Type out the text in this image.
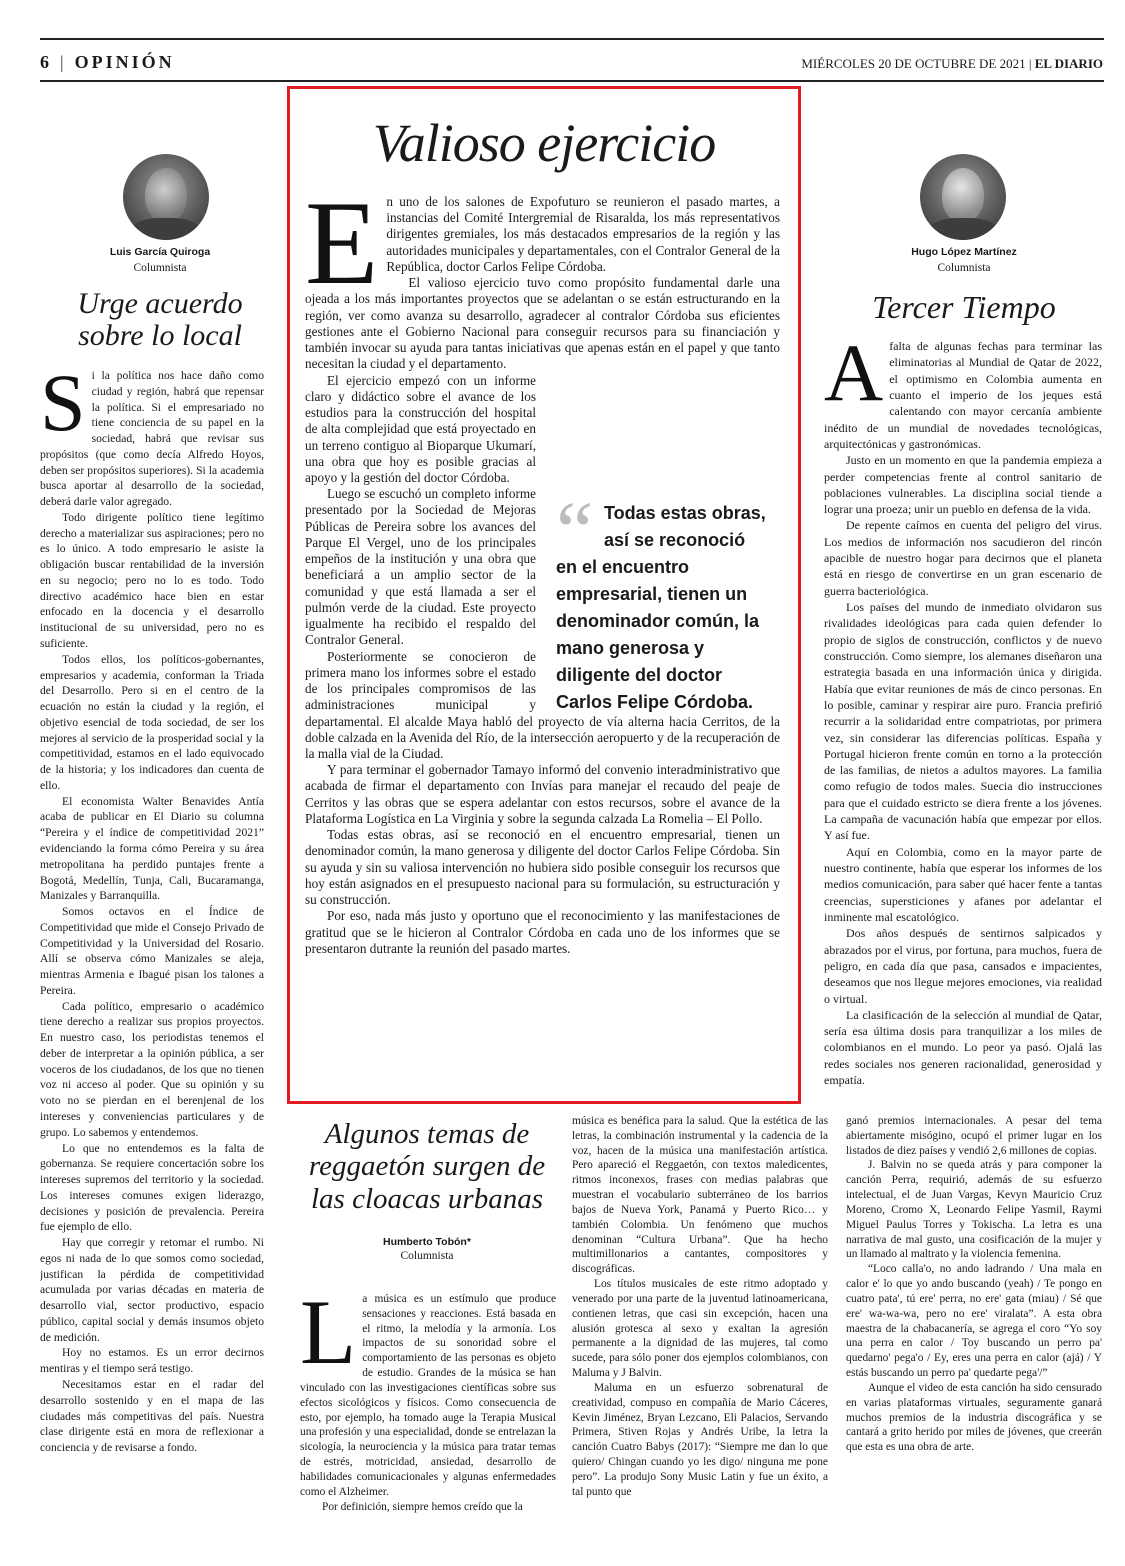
6 | OPINIÓN	MIÉRCOLES 20 DE OCTUBRE DE 2021 | EL DIARIO
Luis García Quiroga
Columnista
Urge acuerdo
sobre lo local

Si la política nos hace daño como ciudad y región, habrá que repensar la política. Si el empresariado no tiene conciencia de su papel en la sociedad, habrá que revisar sus propósitos (que como decía Alfredo Hoyos, deben ser propósitos superiores). Si la academia busca aportar al desarrollo de la sociedad, deberá darle valor agregado.

Todo dirigente político tiene legítimo derecho a materializar sus aspiraciones; pero no es lo único. A todo empresario le asiste la obligación buscar rentabilidad de la inversión en su negocio; pero no lo es todo. Todo directivo académico hace bien en estar enfocado en la docencia y el desarrollo institucional de su universidad, pero no es suficiente.

Todos ellos, los políticos-gobernantes, empresarios y academia, conforman la Triada del Desarrollo. Pero si en el centro de la ecuación no están la ciudad y la región, el objetivo esencial de toda sociedad, de ser los mejores al servicio de la prosperidad social y la competitividad, estamos en el lado equivocado de la historia; y los indicadores dan cuenta de ello.

El economista Walter Benavides Antía acaba de publicar en El Diario su columna “Pereira y el índice de competitividad 2021” evidenciando la forma cómo Pereira y su área metropolitana ha perdido puntajes frente a Bogotá, Medellín, Tunja, Cali, Bucaramanga, Manizales y Barranquilla.

Somos octavos en el Índice de Competitividad que mide el Consejo Privado de Competitividad y la Universidad del Rosario. Allí se observa cómo Manizales se aleja, mientras Armenia e Ibagué pisan los talones a Pereira.

Cada político, empresario o académico tiene derecho a realizar sus propios proyectos. En nuestro caso, los periodistas tenemos el deber de interpretar a la opinión pública, a ser voceros de los ciudadanos, de los que no tienen voz ni acceso al poder. Que su opinión y su voto no se pierdan en el berenjenal de los intereses y conveniencias particulares y de grupo. Lo sabemos y entendemos.

Lo que no entendemos es la falta de gobernanza. Se requiere concertación sobre los intereses supremos del territorio y la sociedad. Los intereses comunes exigen liderazgo, decisiones y posición de prevalencia. Pereira fue ejemplo de ello.

Hay que corregir y retomar el rumbo. Ni egos ni nada de lo que somos como sociedad, justifican la pérdida de competitividad acumulada por varias décadas en materia de desarrollo vial, sector productivo, espacio público, capital social y demás insumos objeto de medición.

Hoy no estamos. Es un error decirnos mentiras y el tiempo será testigo.

Necesitamos estar en el radar del desarrollo sostenido y en el mapa de las ciudades más competitivas del país. Nuestra clase dirigente está en mora de reflexionar a conciencia y de revisarse a fondo.

Valioso ejercicio

En uno de los salones de Expofuturo se reunieron el pasado martes, a instancias del Comité Intergremial de Risaralda, los más representativos dirigentes gremiales, los más destacados empresarios de la región y las autoridades municipales y departamentales, con el Contralor General de la República, doctor Carlos Felipe Córdoba.

El valioso ejercicio tuvo como propósito fundamental darle una ojeada a los más importantes proyectos que se adelantan o se están estructurando en la región, ver como avanza su desarrollo, agradecer al contralor Córdoba sus eficientes gestiones ante el Gobierno Nacional para conseguir recursos para su financiación y también invocar su ayuda para tantas iniciativas que apenas están en el papel y que tanto necesitan la ciudad y el departamento.

El ejercicio empezó con un informe claro y didáctico sobre el avance de los estudios para la construcción del hospital de alta complejidad que está proyectado en un terreno contiguo al Bioparque Ukumarí, una obra que hoy es posible gracias al apoyo y la gestión del doctor Córdoba.

Luego se escuchó un completo informe presentado por la Sociedad de Mejoras Públicas de Pereira sobre los avances del Parque El Vergel, uno de los principales empeños de la institución y una obra que beneficiará a un amplio sector de la comunidad y que está llamada a ser el pulmón verde de la ciudad. Este proyecto igualmente ha recibido el respaldo del Contralor General.

Posteriormente se conocieron de primera mano los informes sobre el estado de los principales compromisos de las administraciones municipal y departamental. El alcalde Maya habló del proyecto de vía alterna hacia Cerritos, de la doble calzada en la Avenida del Río, de la intersección aeropuerto y de la recuperación de la malla vial de la Ciudad.

Y para terminar el gobernador Tamayo informó del convenio interadministrativo que acabada de firmar el departamento con Invías para manejar el recaudo del peaje de Cerritos y las obras que se espera adelantar con estos recursos, sobre el avance de la Plataforma Logística en La Virginia y sobre la segunda calzada La Romelia – El Pollo.

Todas estas obras, así se reconoció en el encuentro empresarial, tienen un denominador común, la mano generosa y diligente del doctor Carlos Felipe Córdoba. Sin su ayuda y sin su valiosa intervención no hubiera sido posible conseguir los recursos que hoy están asignados en el presupuesto nacional para su formulación, su estructuración y su construcción.

Por eso, nada más justo y oportuno que el reconocimiento y las manifestaciones de gratitud que se le hicieron al Contralor Córdoba en cada uno de los informes que se presentaron dutrante la reunión del pasado martes.

“ Todas estas obras,
así se reconoció
en el encuentro empresarial, tienen un denominador común, la mano generosa y diligente del doctor Carlos Felipe Córdoba.
Hugo López Martínez
Columnista
Tercer Tiempo

Afalta de algunas fechas para terminar las eliminatorias al Mundial de Qatar de 2022, el optimismo en Colombia aumenta en cuanto el imperio de los jeques está calentando con mayor cercanía ambiente inédito de un mundial de novedades tecnológicas, arquitectónicas y gastronómicas.

Justo en un momento en que la pandemia empieza a perder competencias frente al control sanitario de poblaciones vulnerables. La disciplina social tiende a lograr una proeza; unir un pueblo en defensa de la vida.

De repente caímos en cuenta del peligro del virus. Los medios de información nos sacudieron del rincón apacible de nuestro hogar para decirnos que el planeta está en riesgo de convertirse en un gran escenario de guerra bacteriológica.

Los países del mundo de inmediato olvidaron sus rivalidades ideológicas para cada quien defender lo propio de siglos de construcción, conflictos y de nuevo construcción. Como siempre, los alemanes diseñaron una estrategia basada en una información única y dirigida. Había que evitar reuniones de más de cinco personas. En lo posible, caminar y respirar aire puro. Francia prefirió recurrir a la solidaridad entre compatriotas, por primera vez, sin considerar las diferencias políticas. España y Portugal hicieron frente común en torno a la protección de las familias, de nietos a adultos mayores. La familia como refugio de todos males. Suecia dio instrucciones para que el cuidado estricto se diera frente a los jóvenes. La campaña de vacunación había que empezar por ellos. Y así fue.

Aquí en Colombia, como en la mayor parte de nuestro continente, había que esperar los informes de los medios comunicación, para saber qué hacer fente a tantas creencias, supersticiones y afanes por adelantar el inminente mal escatológico.

Dos años después de sentirnos salpicados y abrazados por el virus, por fortuna, para muchos, fuera de peligro, en cada día que pasa, cansados e impacientes, deseamos que nos llegue mejores emociones, via realidad o virtual.

La clasificación de la selección al mundial de Qatar, sería esa última dosis para tranquilizar a los miles de colombianos en el mundo. Lo peor ya pasó. Ojalá las redes sociales nos generen racionalidad, generosidad y empatía.

Algunos temas de
reggaetón surgen de
las cloacas urbanas
Humberto Tobón*
Columnista

La música es un estímulo que produce sensaciones y reacciones. Está basada en el ritmo, la melodía y la armonía. Los impactos de su sonoridad sobre el comportamiento de las personas es objeto de estudio. Grandes de la música se han vinculado con las investigaciones científicas sobre sus efectos sicológicos y físicos. Como consecuencia de esto, por ejemplo, ha tomado auge la Terapia Musical una profesión y una especialidad, donde se entrelazan la sicología, la neurociencia y la música para tratar temas de estrés, motricidad, ansiedad, desarrollo de habilidades comunicacionales y algunas enfermedades como el Alzheimer.

Por definición, siempre hemos creído que la

música es benéfica para la salud. Que la estética de las letras, la combinación instrumental y la cadencia de la voz, hacen de la música una manifestación artística. Pero apareció el Reggaetón, con textos maledicentes, ritmos inconexos, frases con medias palabras que muestran el vocabulario subterráneo de los barrios bajos de Nueva York, Panamá y Puerto Rico… y también Colombia. Un fenómeno que muchos denominan “Cultura Urbana”. Que ha hecho multimillonarios a cantantes, compositores y discográficas.

Los títulos musicales de este ritmo adoptado y venerado por una parte de la juventud latinoamericana, contienen letras, que casi sin excepción, hacen una alusión grotesca al sexo y exaltan la agresión permanente a la dignidad de las mujeres, tal como sucede, para sólo poner dos ejemplos colombianos, con Maluma y J Balvin.

Maluma en un esfuerzo sobrenatural de creatividad, compuso en compañía de Mario Cáceres, Kevin Jiménez, Bryan Lezcano, Eli Palacios, Servando Primera, Stiven Rojas y Andrés Uribe, la letra la canción Cuatro Babys (2017): “Siempre me dan lo que quiero/ Chingan cuando yo les digo/ ninguna me pone pero”. La produjo Sony Music Latin y fue un éxito, a tal punto que

ganó premios internacionales. A pesar del tema abiertamente misógino, ocupó el primer lugar en los listados de diez países y vendió 2,6 millones de copias.

J. Balvin no se queda atrás y para componer la canción Perra, requirió, además de su esfuerzo intelectual, el de Juan Vargas, Kevyn Mauricio Cruz Moreno, Cromo X, Leonardo Felipe Yasmil, Raymi Miguel Paulus Torres y Tokischa. La letra es una narrativa de mal gusto, una cosificación de la mujer y un llamado al maltrato y la violencia femenina.

“Loco calla'o, no ando ladrando / Una mala en calor e' lo que yo ando buscando (yeah) / Te pongo en cuatro pata', tú ere' perra, no ere' gata (miau) / Sé que ere' wa-wa-wa, pero no ere' viralata”. A esta obra maestra de la chabacanería, se agrega el coro “Yo soy una perra en calor / Toy buscando un perro pa' quedarno' pega'o / Ey, eres una perra en calor (ajá) / Y estás buscando un perro pa' quedarte pega'/”

Aunque el video de esta canción ha sido censurado en varias plataformas virtuales, seguramente ganará muchos premios de la industria discográfica y se cantará a grito herido por miles de jóvenes, que creerán que esta es una obra de arte.
